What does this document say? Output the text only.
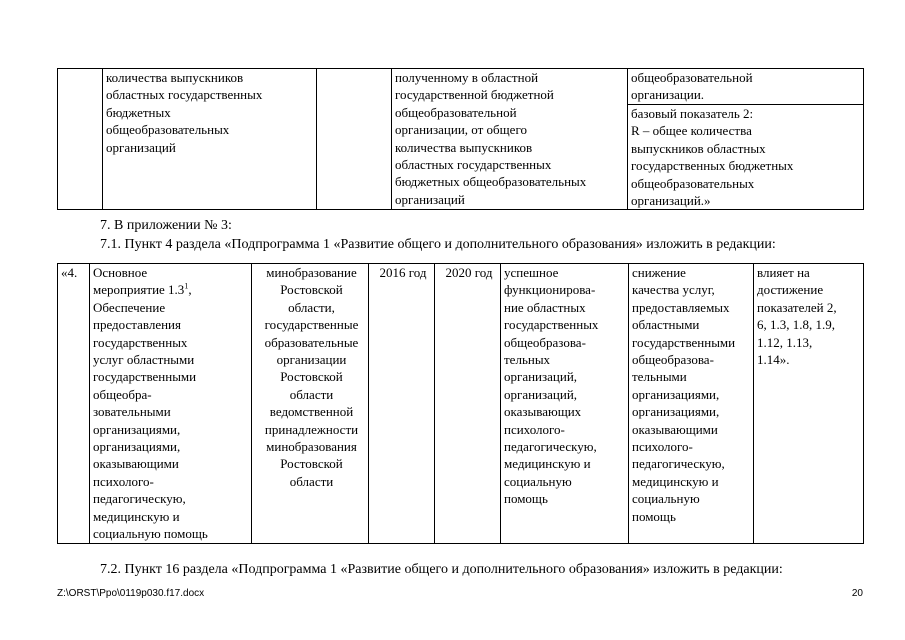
	количества выпускников
областных государственных
бюджетных
общеобразовательных
организаций		полученному в областной
государственной бюджетной
общеобразовательной
организации, от общего
количества выпускников
областных государственных
бюджетных общеобразовательных
организаций	общеобразовательной
организации.
базовый показатель 2:
R – общее количества
выпускников областных
государственных бюджетных
общеобразовательных
организаций.»
7. В приложении № 3:
7.1. Пункт 4 раздела «Подпрограмма 1 «Развитие общего и дополнительного образования» изложить в редакции:
«4.	Основное
мероприятие $1.3^1$,
Обеспечение
предоставления
государственных
услуг областными
государственными
общеобра-
зовательными
организациями,
организациями,
оказывающими
психолого-
педагогическую,
медицинскую и
социальную помощь	минобразование
Ростовской
области,
государственные
образовательные
организации
Ростовской
области
ведомственной
принадлежности
минобразования
Ростовской
области	2016 год	2020 год	успешное
функционирова-
ние областных
государственных
общеобразова-
тельных
организаций,
организаций,
оказывающих
психолого-
педагогическую,
медицинскую и
социальную
помощь	снижение
качества услуг,
предоставляемых
областными
государственными
общеобразова-
тельными
организациями,
организациями,
оказывающими
психолого-
педагогическую,
медицинскую и
социальную
помощь	влияет на
достижение
показателей 2,
6, 1.3, 1.8, 1.9,
1.12, 1.13,
1.14».
7.2. Пункт 16 раздела «Подпрограмма 1 «Развитие общего и дополнительного образования» изложить в редакции:
Z:\ORST\Ppo\0119p030.f17.docx	20
